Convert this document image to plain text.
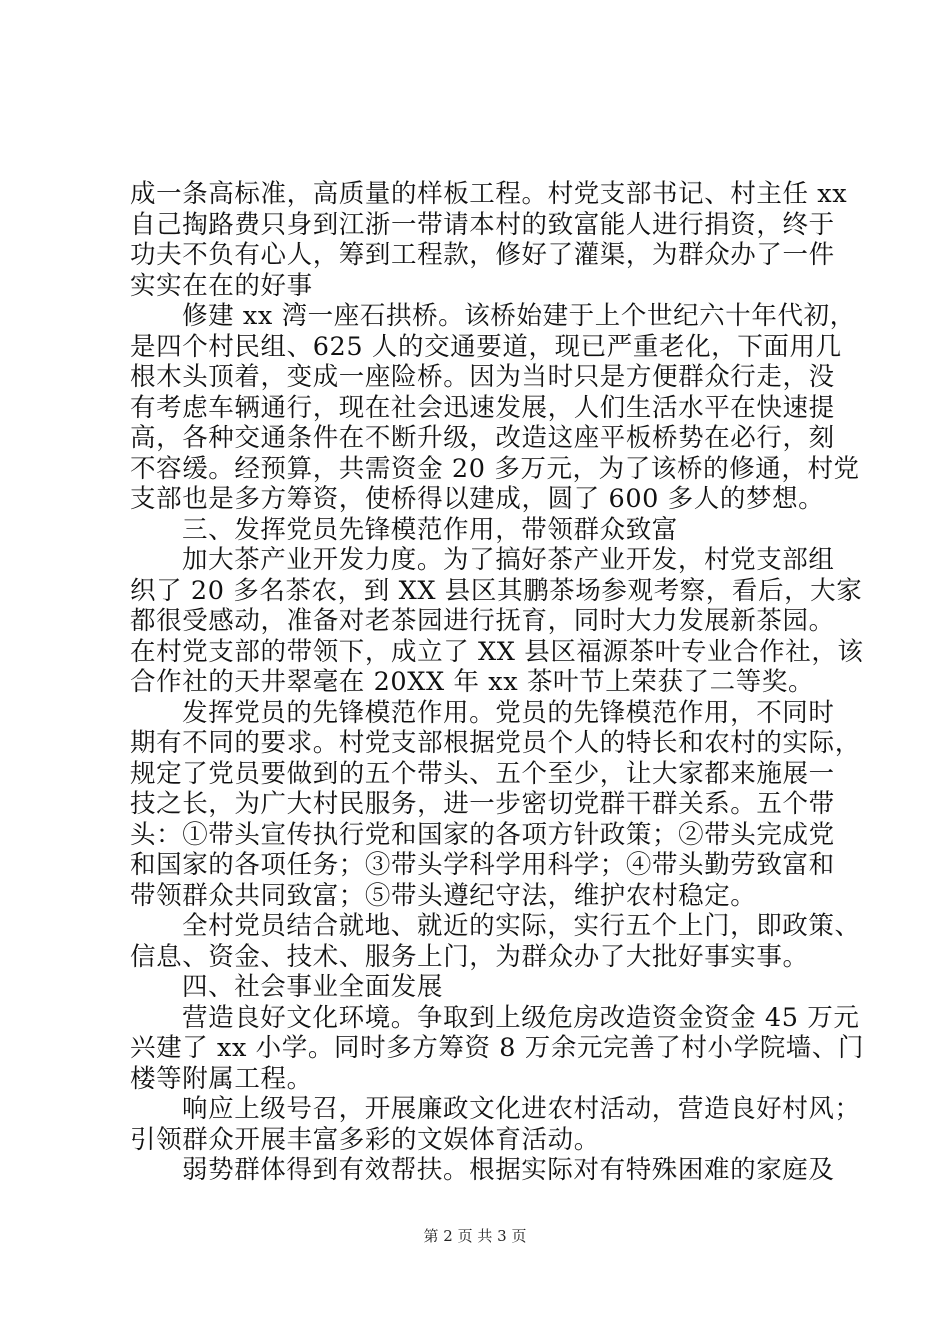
成一条高标准，高质量的样板工程。村党支部书记、村主任 xx
自己掏路费只身到江浙一带请本村的致富能人进行捐资，终于
功夫不负有心人，筹到工程款，修好了灌渠，为群众办了一件
实实在在的好事
修建 xx 湾一座石拱桥。该桥始建于上个世纪六十年代初，
是四个村民组、625 人的交通要道，现已严重老化，下面用几
根木头顶着，变成一座险桥。因为当时只是方便群众行走，没
有考虑车辆通行，现在社会迅速发展，人们生活水平在快速提
高，各种交通条件在不断升级，改造这座平板桥势在必行，刻
不容缓。经预算，共需资金 20 多万元，为了该桥的修通，村党
支部也是多方筹资，使桥得以建成，圆了 600 多人的梦想。
三、发挥党员先锋模范作用，带领群众致富
加大茶产业开发力度。为了搞好茶产业开发，村党支部组
织了 20 多名茶农，到 XX 县区其鹏茶场参观考察，看后，大家
都很受感动，准备对老茶园进行抚育，同时大力发展新茶园。
在村党支部的带领下，成立了 XX 县区福源茶叶专业合作社，该
合作社的天井翠毫在 20XX 年 xx 茶叶节上荣获了二等奖。
发挥党员的先锋模范作用。党员的先锋模范作用，不同时
期有不同的要求。村党支部根据党员个人的特长和农村的实际，
规定了党员要做到的五个带头、五个至少，让大家都来施展一
技之长，为广大村民服务，进一步密切党群干群关系。五个带
头：①带头宣传执行党和国家的各项方针政策；②带头完成党
和国家的各项任务；③带头学科学用科学；④带头勤劳致富和
带领群众共同致富；⑤带头遵纪守法，维护农村稳定。
全村党员结合就地、就近的实际，实行五个上门，即政策、
信息、资金、技术、服务上门，为群众办了大批好事实事。
四、社会事业全面发展
营造良好文化环境。争取到上级危房改造资金资金 45 万元
兴建了 xx 小学。同时多方筹资 8 万余元完善了村小学院墙、门
楼等附属工程。
响应上级号召，开展廉政文化进农村活动，营造良好村风；
引领群众开展丰富多彩的文娱体育活动。
弱势群体得到有效帮扶。根据实际对有特殊困难的家庭及
第 2 页 共 3 页
